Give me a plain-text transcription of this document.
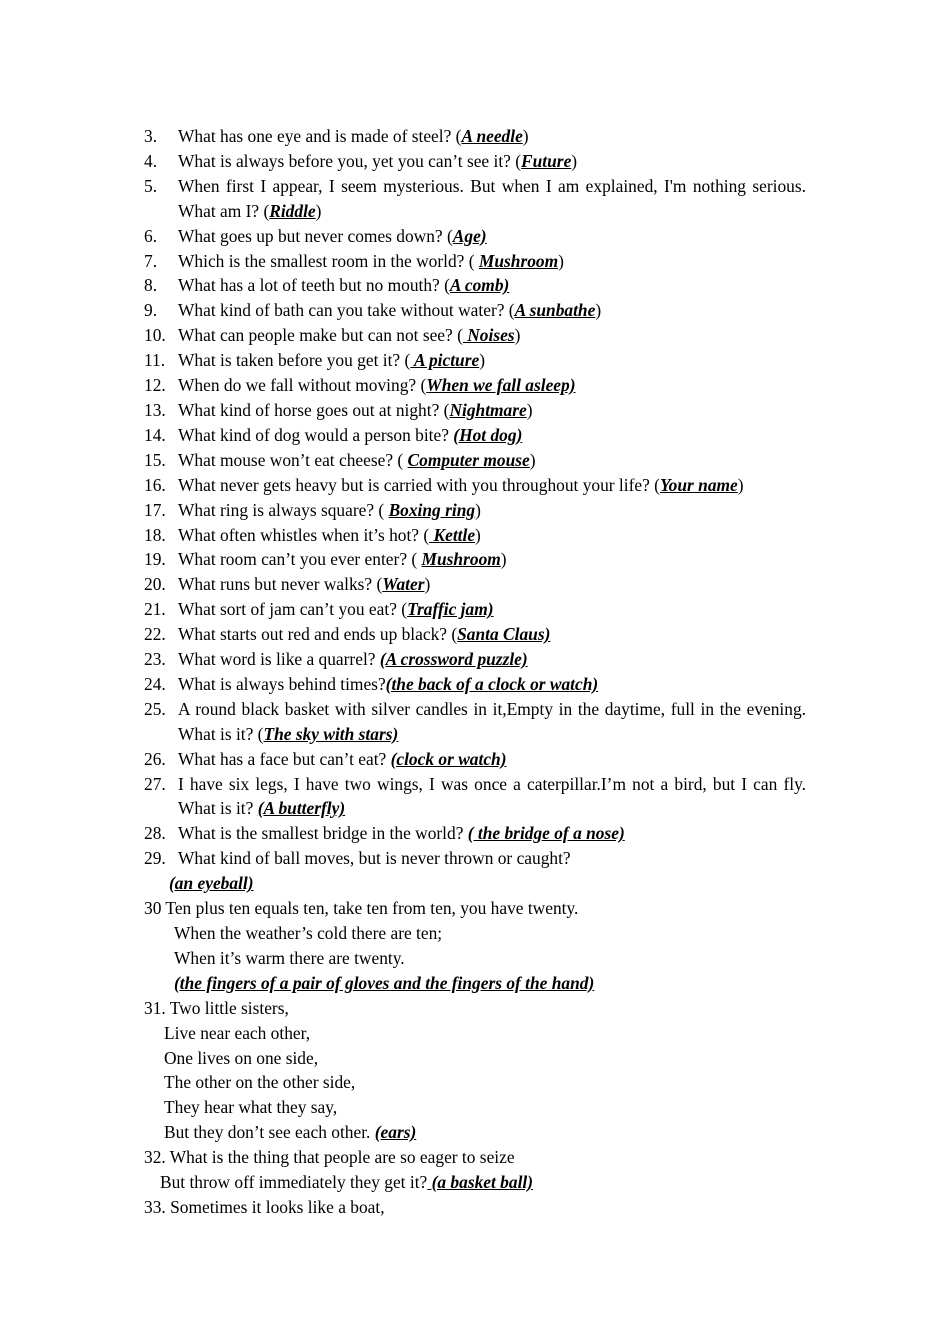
3.	What has one eye and is made of steel? (A needle)
4.	What is always before you, yet you can’t see it? (Future)
5.	When first I appear, I seem mysterious. But when I am explained, I'm nothing serious. What am I? (Riddle)
6.	What goes up but never comes down? (Age)
7.	Which is the smallest room in the world? ( Mushroom)
8.	What has a lot of teeth but no mouth? (A comb)
9.	What kind of bath can you take without water? (A sunbathe)
10. What can people make but can not see? ( Noises)
11. What is taken before you get it? ( A picture)
12. When do we fall without moving? (When we fall asleep)
13. What kind of horse goes out at night? (Nightmare)
14. What kind of dog would a person bite? (Hot dog)
15. What mouse won’t eat cheese? ( Computer mouse)
16. What never gets heavy but is carried with you throughout your life? (Your name)
17. What ring is always square? ( Boxing ring)
18. What often whistles when it’s hot? ( Kettle)
19. What room can’t you ever enter? ( Mushroom)
20. What runs but never walks? (Water)
21. What sort of jam can’t you eat? (Traffic jam)
22. What starts out red and ends up black? (Santa Claus)
23. What word is like a quarrel? (A crossword puzzle)
24. What is always behind times?(the back of a clock or watch)
25. A round black basket with silver candles in it,Empty in the daytime, full in the evening. What is it? (The sky with stars)
26. What has a face but can’t eat? (clock or watch)
27. I have six legs, I have two wings, I was once a caterpillar.I’m not a bird, but I can fly. What is it? (A butterfly)
28. What is the smallest bridge in the world? ( the bridge of a nose)
29. What kind of ball moves, but is never thrown or caught?
(an eyeball)
30 Ten plus ten equals ten, take ten from ten, you have twenty.
When the weather’s cold there are ten;
When it’s warm there are twenty.
(the fingers of a pair of gloves and the fingers of the hand)
31. Two little sisters,
Live near each other,
One lives on one side,
The other on the other side,
They hear what they say,
But they don’t see each other. (ears)
32. What is the thing that people are so eager to seize
But throw off immediately they get it? (a basket ball)
33. Sometimes it looks like a boat,
